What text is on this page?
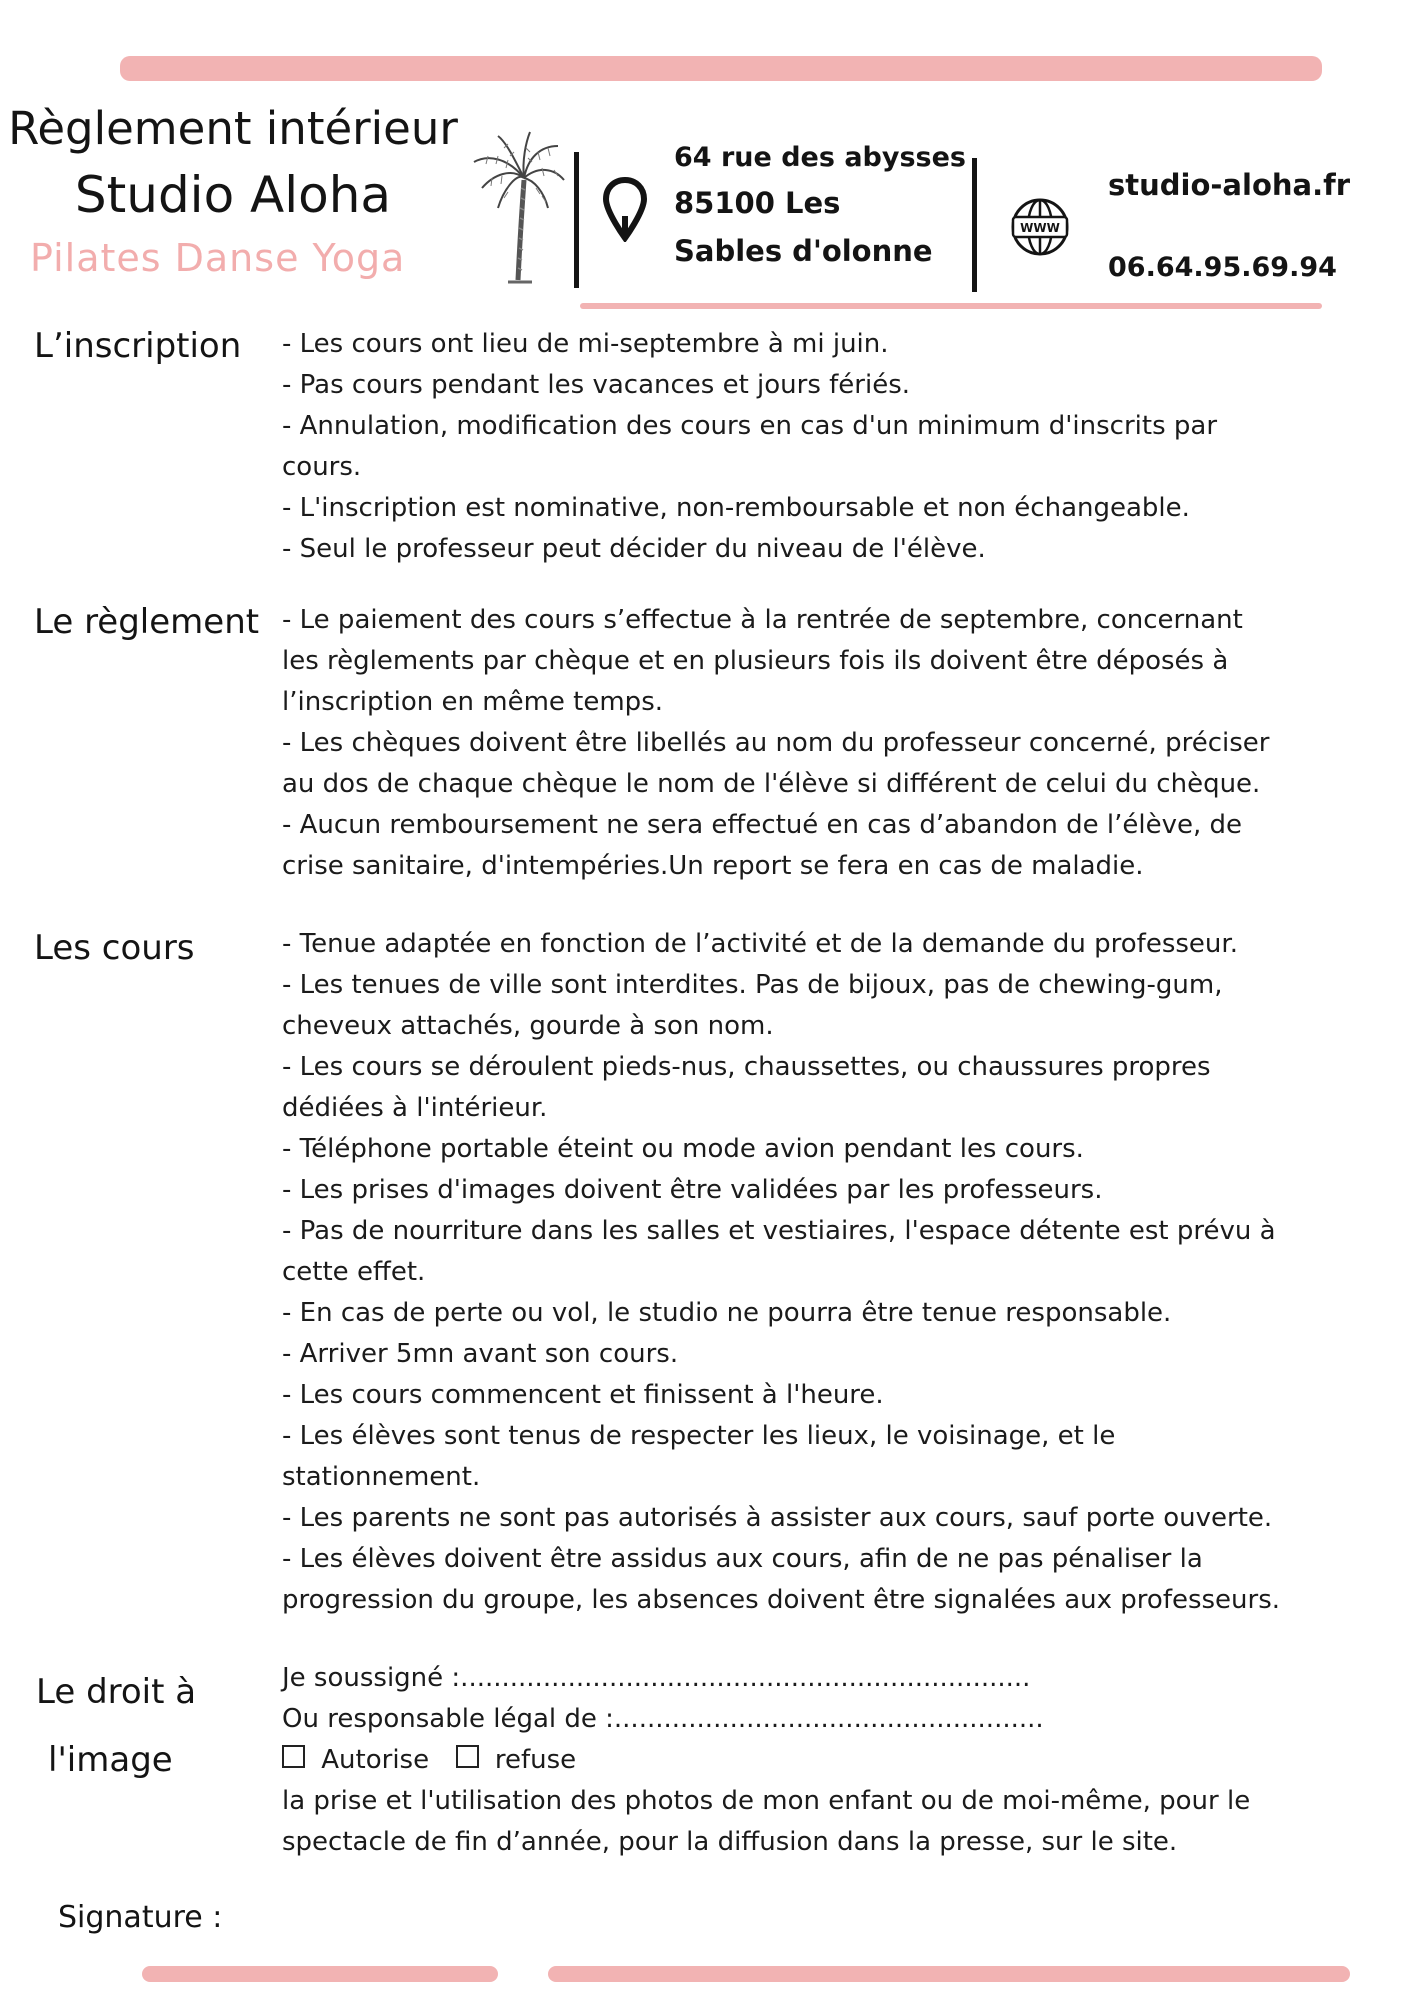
Règlement intérieur
Studio Aloha
Pilates Danse Yoga
64 rue des abysses
85100 Les
Sables d'olonne
WWW
studio-aloha.fr
06.64.95.69.94
L’inscription - Les cours ont lieu de mi-septembre à mi juin.
- Pas cours pendant les vacances et jours fériés.
- Annulation, modification des cours en cas d'un minimum d'inscrits par
cours.
- L'inscription est nominative, non-remboursable et non échangeable.
- Seul le professeur peut décider du niveau de l'élève.
Le règlement - Le paiement des cours s’effectue à la rentrée de septembre, concernant
les règlements par chèque et en plusieurs fois ils doivent être déposés à
l’inscription en même temps.
- Les chèques doivent être libellés au nom du professeur concerné, préciser
au dos de chaque chèque le nom de l'élève si différent de celui du chèque.
- Aucun remboursement ne sera effectué en cas d’abandon de l’élève, de
crise sanitaire, d'intempéries.Un report se fera en cas de maladie.
Les cours	- Tenue adaptée en fonction de l’activité et de la demande du professeur.
- Les tenues de ville sont interdites. Pas de bijoux, pas de chewing-gum,
cheveux attachés, gourde à son nom.
- Les cours se déroulent pieds-nus, chaussettes, ou chaussures propres
dédiées à l'intérieur.
- Téléphone portable éteint ou mode avion pendant les cours.
- Les prises d'images doivent être validées par les professeurs.
- Pas de nourriture dans les salles et vestiaires, l'espace détente est prévu à
cette effet.
- En cas de perte ou vol, le studio ne pourra être tenue responsable.
- Arriver 5mn avant son cours.
- Les cours commencent et finissent à l'heure.
- Les élèves sont tenus de respecter les lieux, le voisinage, et le
stationnement.
- Les parents ne sont pas autorisés à assister aux cours, sauf porte ouverte.
- Les élèves doivent être assidus aux cours, afin de ne pas pénaliser la
progression du groupe, les absences doivent être signalées aux professeurs.
Le droit à
l'image
Je soussigné :.....................................................................
Ou responsable légal de :....................................................
Autorise	refuse
la prise et l'utilisation des photos de mon enfant ou de moi-même, pour le
spectacle de fin d’année, pour la diffusion dans la presse, sur le site.
Signature :
